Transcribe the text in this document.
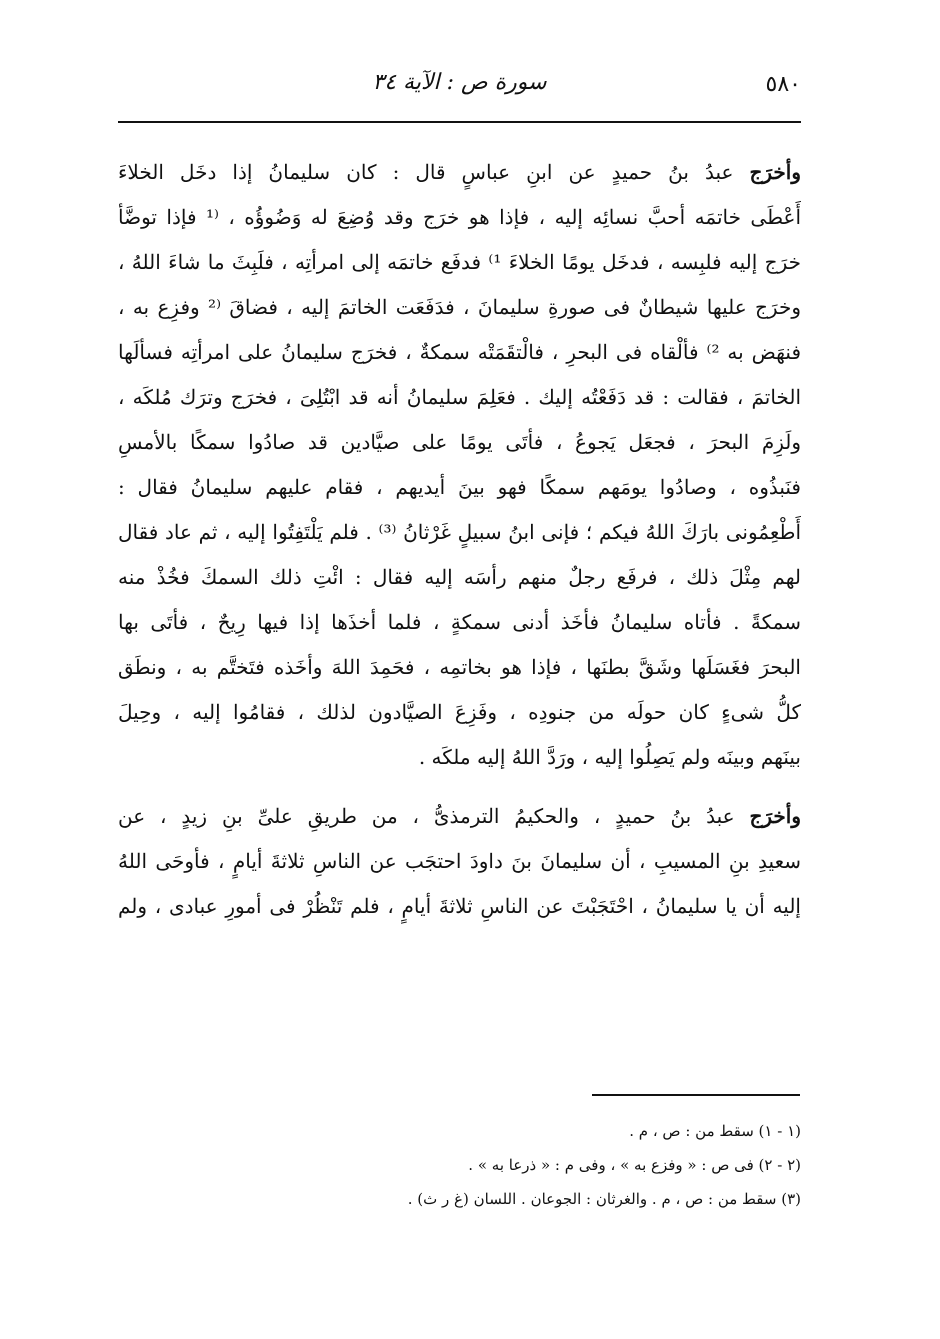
٥٨٠
سورة ص : الآية ٣٤
وأخرَج عبدُ بنُ حميدٍ عن ابنِ عباسٍ قال : كان سليمانُ إذا دخَل الخلاءَ
أَعْطَى خاتمَه أحبَّ نسائِه إليه ، فإذا هو خرَج وقد وُضِعَ له وَضُوؤُه ، ⁽¹ فإذا توضَّأ
خرَج إليه فلبِسه ، فدخَل يومًا الخلاءَ ¹⁾ فدفَع خاتمَه إلى امرأتِه ، فلَبِثَ ما شاءَ اللهُ ،
وخرَج عليها شيطانٌ فى صورةِ سليمانَ ، فدَفَعَت الخاتمَ إليه ، فضاقَ ⁽² وفزِع به ،
فنهَض به ²⁾ فألْقاه فى البحرِ ، فالْتقَمَتْه سمكةٌ ، فخرَج سليمانُ على امرأتِه فسألَها
الخاتمَ ، فقالت : قد دَفَعْتُه إليك . فعَلِمَ سليمانُ أنه قد ابْتُلِىَ ، فخرَج وترَك مُلكَه ،
ولَزِمَ البحرَ ، فجعَل يَجوعُ ، فأتَى يومًا على صيَّادين قد صادُوا سمكًا بالأمسِ
فنَبذُوه ، وصادُوا يومَهم سمكًا فهو بينَ أيديهم ، فقام عليهم سليمانُ فقال :
أَطْعِمُونى بارَكَ اللهُ فيكم ؛ فإنى ابنُ سبيلٍ غَرْثانُ ⁽³⁾ . فلم يَلْتَفِتُوا إليه ، ثم عاد فقال
لهم مِثْلَ ذلك ، فرفَع رجلٌ منهم رأسَه إليه فقال : ائْتِ ذلك السمكَ فخُذْ منه
سمكةً . فأتاه سليمانُ فأخَذ أدنى سمكةٍ ، فلما أخذَها إذا فيها رِيحٌ ، فأتَى بها
البحرَ فغَسَلَها وشَقَّ بطنَها ، فإذا هو بخاتمِه ، فحَمِدَ اللهَ وأخَذه فتَختَّم به ، ونطَق
كلُّ شىءٍ كان حولَه من جنودِه ، وفَزِعَ الصيَّادون لذلك ، فقامُوا إليه ، وحِيلَ
بينَهم وبينَه ولم يَصِلُوا إليه ، ورَدَّ اللهُ إليه ملكَه .
وأخرَج عبدُ بنُ حميدٍ ، والحكيمُ الترمذىُّ ، من طريقِ علىِّ بنِ زيدٍ ، عن
سعيدِ بنِ المسيبِ ، أن سليمانَ بنَ داودَ احتجَب عن الناسِ ثلاثةَ أيامٍ ، فأوحَى اللهُ
إليه أن يا سليمانُ ، احْتَجَبْتَ عن الناسِ ثلاثةَ أيامٍ ، فلم تَنْظُرْ فى أمورِ عبادى ، ولم
(١ - ١) سقط من : ص ، م .
(٢ - ٢) فى ص : « وفزع به » ، وفى م : « ذرعا به » .
(٣) سقط من : ص ، م . والغرثان : الجوعان . اللسان (غ ر ث) .
